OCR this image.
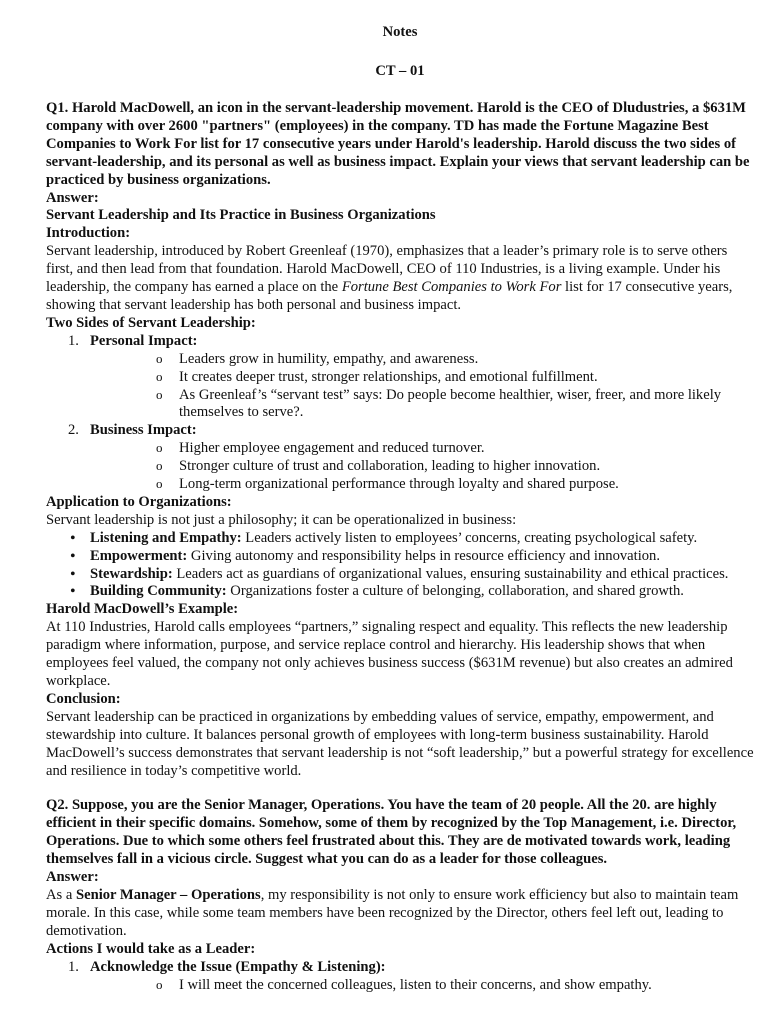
Notes
CT – 01

Q1. Harold MacDowell, an icon in the servant-leadership movement. Harold is the CEO of Dludustries, a $631M company with over 2600 "partners" (employees) in the company. TD has made the Fortune Magazine Best Companies to Work For list for 17 consecutive years under Harold's leadership. Harold discuss the two sides of servant-leadership, and its personal as well as business impact. Explain your views that servant leadership can be practiced by business organizations.

Answer:

Servant Leadership and Its Practice in Business Organizations

Introduction:

Servant leadership, introduced by Robert Greenleaf (1970), emphasizes that a leader’s primary role is to serve others first, and then lead from that foundation. Harold MacDowell, CEO of 110 Industries, is a living example. Under his leadership, the company has earned a place on the Fortune Best Companies to Work For list for 17 consecutive years, showing that servant leadership has both personal and business impact.

Two Sides of Servant Leadership:

1. Personal Impact:
o Leaders grow in humility, empathy, and awareness.
o It creates deeper trust, stronger relationships, and emotional fulfillment.
o As Greenleaf’s “servant test” says: Do people become healthier, wiser, freer, and more likely themselves to serve?.
2. Business Impact:
o Higher employee engagement and reduced turnover.
o Stronger culture of trust and collaboration, leading to higher innovation.
o Long-term organizational performance through loyalty and shared purpose.

Application to Organizations:

Servant leadership is not just a philosophy; it can be operationalized in business:

• Listening and Empathy: Leaders actively listen to employees’ concerns, creating psychological safety.
• Empowerment: Giving autonomy and responsibility helps in resource efficiency and innovation.
• Stewardship: Leaders act as guardians of organizational values, ensuring sustainability and ethical practices.
• Building Community: Organizations foster a culture of belonging, collaboration, and shared growth.

Harold MacDowell’s Example:

At 110 Industries, Harold calls employees “partners,” signaling respect and equality. This reflects the new leadership paradigm where information, purpose, and service replace control and hierarchy. His leadership shows that when employees feel valued, the company not only achieves business success ($631M revenue) but also creates an admired workplace.

Conclusion:

Servant leadership can be practiced in organizations by embedding values of service, empathy, empowerment, and stewardship into culture. It balances personal growth of employees with long-term business sustainability. Harold MacDowell’s success demonstrates that servant leadership is not “soft leadership,” but a powerful strategy for excellence and resilience in today’s competitive world.

Q2. Suppose, you are the Senior Manager, Operations. You have the team of 20 people. All the 20. are highly efficient in their specific domains. Somehow, some of them by recognized by the Top Management, i.e. Director,

Operations. Due to which some others feel frustrated about this. They are de motivated towards work, leading themselves fall in a vicious circle. Suggest what you can do as a leader for those colleagues.

Answer:

As a Senior Manager – Operations, my responsibility is not only to ensure work efficiency but also to maintain team morale. In this case, while some team members have been recognized by the Director, others feel left out, leading to demotivation.

Actions I would take as a Leader:

1. Acknowledge the Issue (Empathy & Listening):
o I will meet the concerned colleagues, listen to their concerns, and show empathy.
